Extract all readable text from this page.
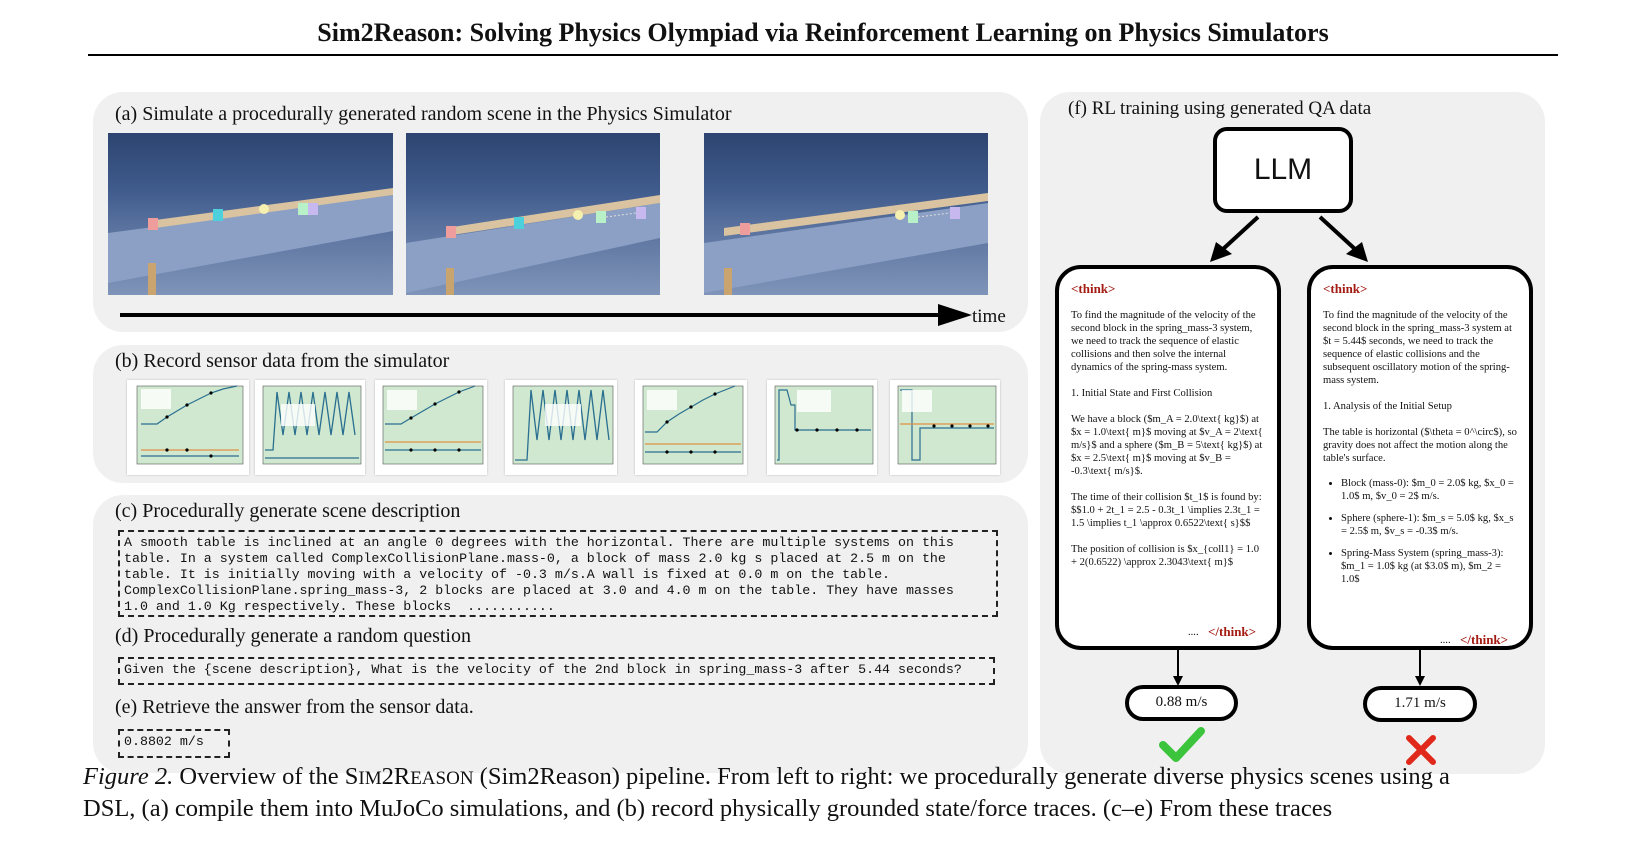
Sim2Reason: Solving Physics Olympiad via Reinforcement Learning on Physics Simulators
(a) Simulate a procedurally generated random scene in the Physics Simulator
time
(b) Record sensor data from the simulator
(c) Procedurally generate scene description
A smooth table is inclined at an angle 0 degrees with the horizontal. There are multiple systems on this
table. In a system called ComplexCollisionPlane.mass-0, a block of mass 2.0 kg s placed at 2.5 m on the
table. It is initially moving with a velocity of -0.3 m/s.A wall is fixed at 0.0 m on the table.
ComplexCollisionPlane.spring_mass-3, 2 blocks are placed at 3.0 and 4.0 m on the table. They have masses
1.0 and 1.0 Kg respectively. These blocks  ...........
(d) Procedurally generate a random question
Given the {scene description}, What is the velocity of the 2nd block in spring_mass-3 after 5.44 seconds?
(e) Retrieve the answer from the sensor data.
0.8802 m/s
(f) RL training using generated QA data
LLM
<think>
To find the magnitude of the velocity of the second block in the spring_mass-3 system, we need to track the sequence of elastic collisions and then solve the internal dynamics of the spring-mass system.
1. Initial State and First Collision
We have a block ($m_A = 2.0\text{ kg}$) at $x = 1.0\text{ m}$ moving at $v_A = 2\text{ m/s}$ and a sphere ($m_B = 5\text{ kg}$) at $x = 2.5\text{ m}$ moving at $v_B = -0.3\text{ m/s}$.
The time of their collision $t_1$ is found by:
$$1.0 + 2t_1 = 2.5 - 0.3t_1 \implies 2.3t_1 = 1.5 \implies t_1 \approx 0.6522\text{ s}$$
The position of collision is $x_{coll1} = 1.0 + 2(0.6522) \approx 2.3043\text{ m}$
.... </think>
<think>
To find the magnitude of the velocity of the second block in the spring_mass-3 system at $t = 5.44$ seconds, we need to track the sequence of elastic collisions and the subsequent oscillatory motion of the spring-mass system.
1. Analysis of the Initial Setup
The table is horizontal ($\theta = 0^\circ$), so gravity does not affect the motion along the table's surface.
• Block (mass-0): $m_0 = 2.0$ kg, $x_0 = 1.0$ m, $v_0 = 2$ m/s.
• Sphere (sphere-1): $m_s = 5.0$ kg, $x_s = 2.5$ m, $v_s = -0.3$ m/s.
• Spring-Mass System (spring_mass-3): $m_1 = 1.0$ kg (at $3.0$ m), $m_2 = 1.0$
.... </think>
0.88 m/s	1.71 m/s
Figure 2. Overview of the SIM2REASON (Sim2Reason) pipeline. From left to right: we procedurally generate diverse physics scenes using a DSL, (a) compile them into MuJoCo simulations, and (b) record physically grounded state/force traces. (c–e) From these traces
